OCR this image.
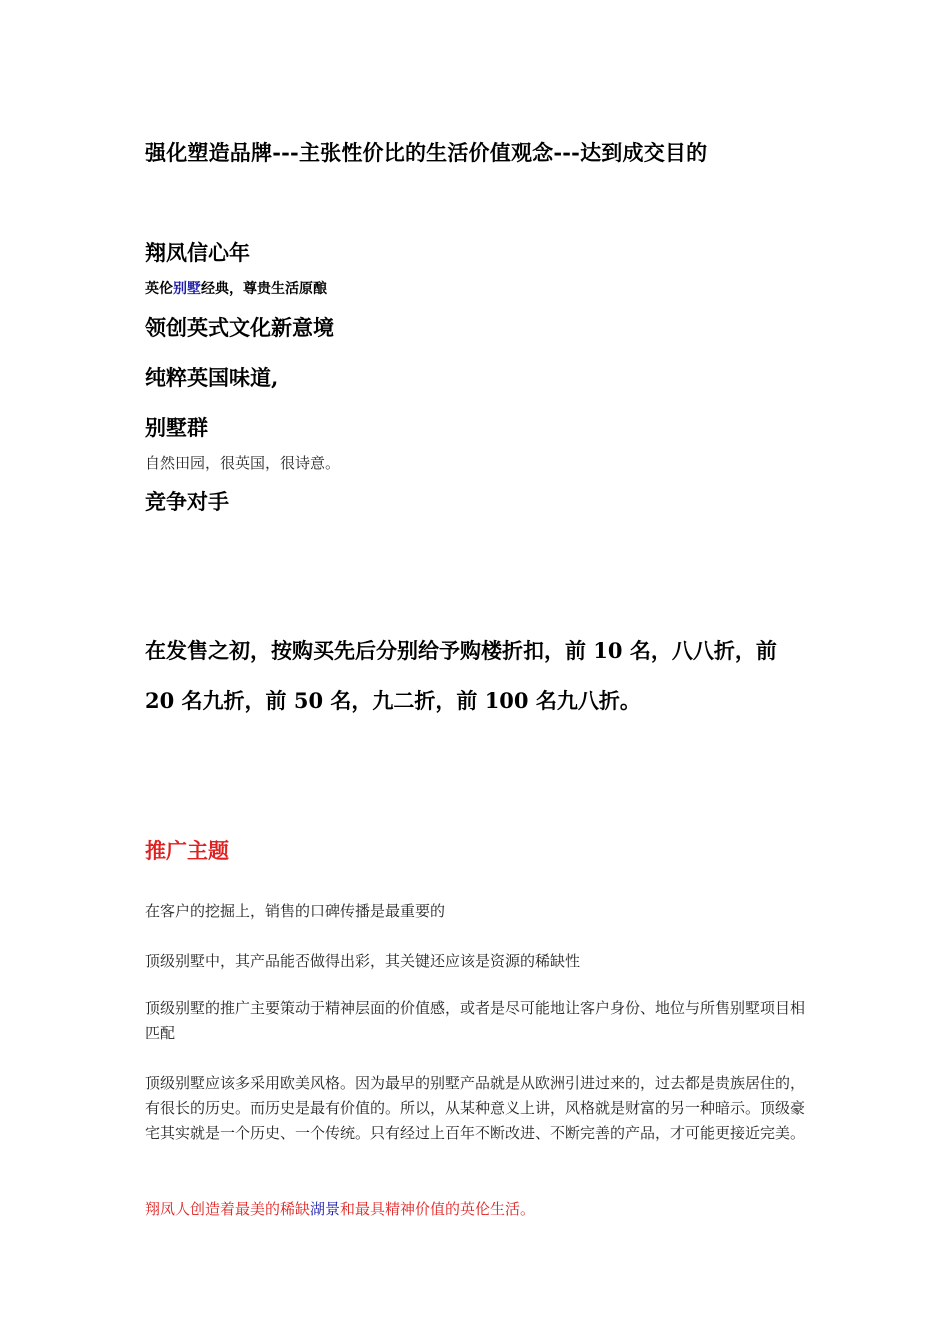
强化塑造品牌---主张性价比的生活价值观念---达到成交目的

翔凤信心年

英伦别墅经典，尊贵生活原酿

领创英式文化新意境

纯粹英国味道,

别墅群

自然田园，很英国，很诗意。

竞争对手

在发售之初，按购买先后分别给予购楼折扣，前 10 名，八八折，前

20 名九折，前 50 名，九二折，前 100 名九八折。

推广主题

在客户的挖掘上，销售的口碑传播是最重要的

顶级别墅中，其产品能否做得出彩，其关键还应该是资源的稀缺性

顶级别墅的推广主要策动于精神层面的价值感，或者是尽可能地让客户身份、地位与所售别墅项目相匹配

顶级别墅应该多采用欧美风格。因为最早的别墅产品就是从欧洲引进过来的，过去都是贵族居住的，有很长的历史。而历史是最有价值的。所以，从某种意义上讲，风格就是财富的另一种暗示。顶级豪宅其实就是一个历史、一个传统。只有经过上百年不断改进、不断完善的产品，才可能更接近完美。

翔凤人创造着最美的稀缺湖景和最具精神价值的英伦生活。
